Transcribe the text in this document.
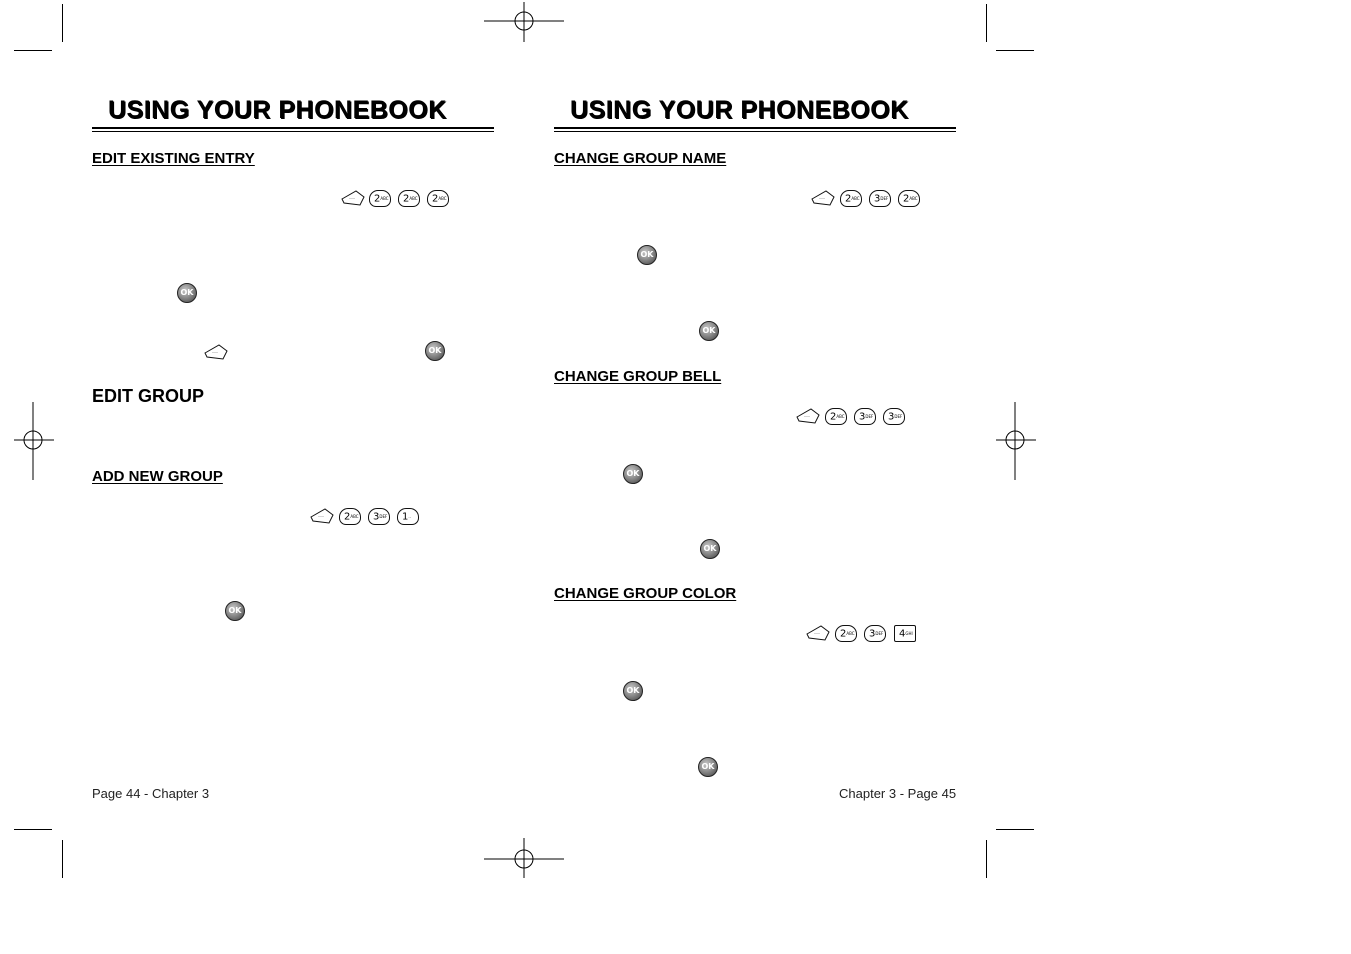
USING YOUR PHONEBOOK
EDIT EXISTING ENTRY
···	2ABC	2ABC	2ABC
OK
···	OK
EDIT GROUP
ADD NEW GROUP
···	2ABC	3DEF	1..
OK
Page 44 - Chapter 3
USING YOUR PHONEBOOK
CHANGE GROUP NAME
···	2ABC	3DEF	2ABC
OK
OK
CHANGE GROUP BELL
···	2ABC	3DEF	3DEF
OK
OK
CHANGE GROUP COLOR
···	2ABC	3DEF	4GHI
OK
OK
Chapter 3 - Page 45
